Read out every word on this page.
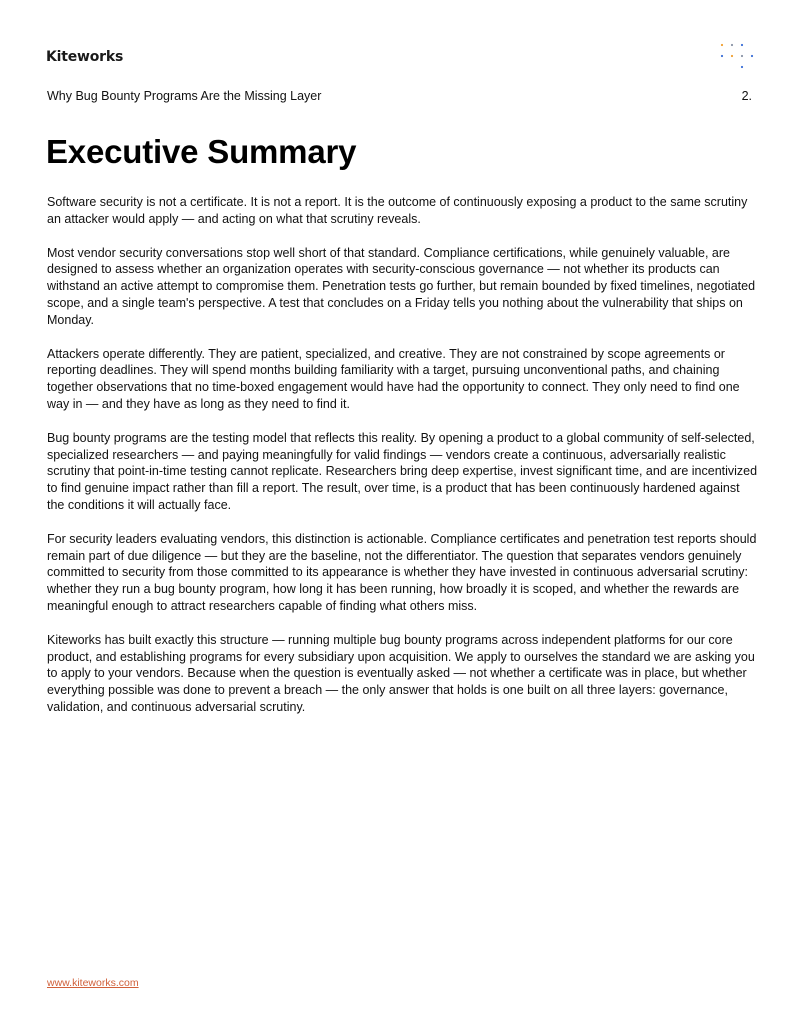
Kiteworks
Why Bug Bounty Programs Are the Missing Layer	2.
Executive Summary

Software security is not a certificate. It is not a report. It is the outcome of continuously exposing a product to the same scrutiny an attacker would apply — and acting on what that scrutiny reveals.

Most vendor security conversations stop well short of that standard. Compliance certifications, while genuinely valuable, are designed to assess whether an organization operates with security-conscious governance — not whether its products can withstand an active attempt to compromise them. Penetration tests go further, but remain bounded by fixed timelines, negotiated scope, and a single team's perspective. A test that concludes on a Friday tells you nothing about the vulnerability that ships on Monday.

Attackers operate differently. They are patient, specialized, and creative. They are not constrained by scope agreements or reporting deadlines. They will spend months building familiarity with a target, pursuing unconventional paths, and chaining together observations that no time-boxed engagement would have had the opportunity to connect. They only need to find one way in — and they have as long as they need to find it.

Bug bounty programs are the testing model that reflects this reality. By opening a product to a global community of self-selected, specialized researchers — and paying meaningfully for valid findings — vendors create a continuous, adversarially realistic scrutiny that point-in-time testing cannot replicate. Researchers bring deep expertise, invest significant time, and are incentivized to find genuine impact rather than fill a report. The result, over time, is a product that has been continuously hardened against the conditions it will actually face.

For security leaders evaluating vendors, this distinction is actionable. Compliance certificates and penetration test reports should remain part of due diligence — but they are the baseline, not the differentiator. The question that separates vendors genuinely committed to security from those committed to its appearance is whether they have invested in continuous adversarial scrutiny: whether they run a bug bounty program, how long it has been running, how broadly it is scoped, and whether the rewards are meaningful enough to attract researchers capable of finding what others miss.

Kiteworks has built exactly this structure — running multiple bug bounty programs across independent platforms for our core product, and establishing programs for every subsidiary upon acquisition. We apply to ourselves the standard we are asking you to apply to your vendors. Because when the question is eventually asked — not whether a certificate was in place, but whether everything possible was done to prevent a breach — the only answer that holds is one built on all three layers: governance, validation, and continuous adversarial scrutiny.

www.kiteworks.com
